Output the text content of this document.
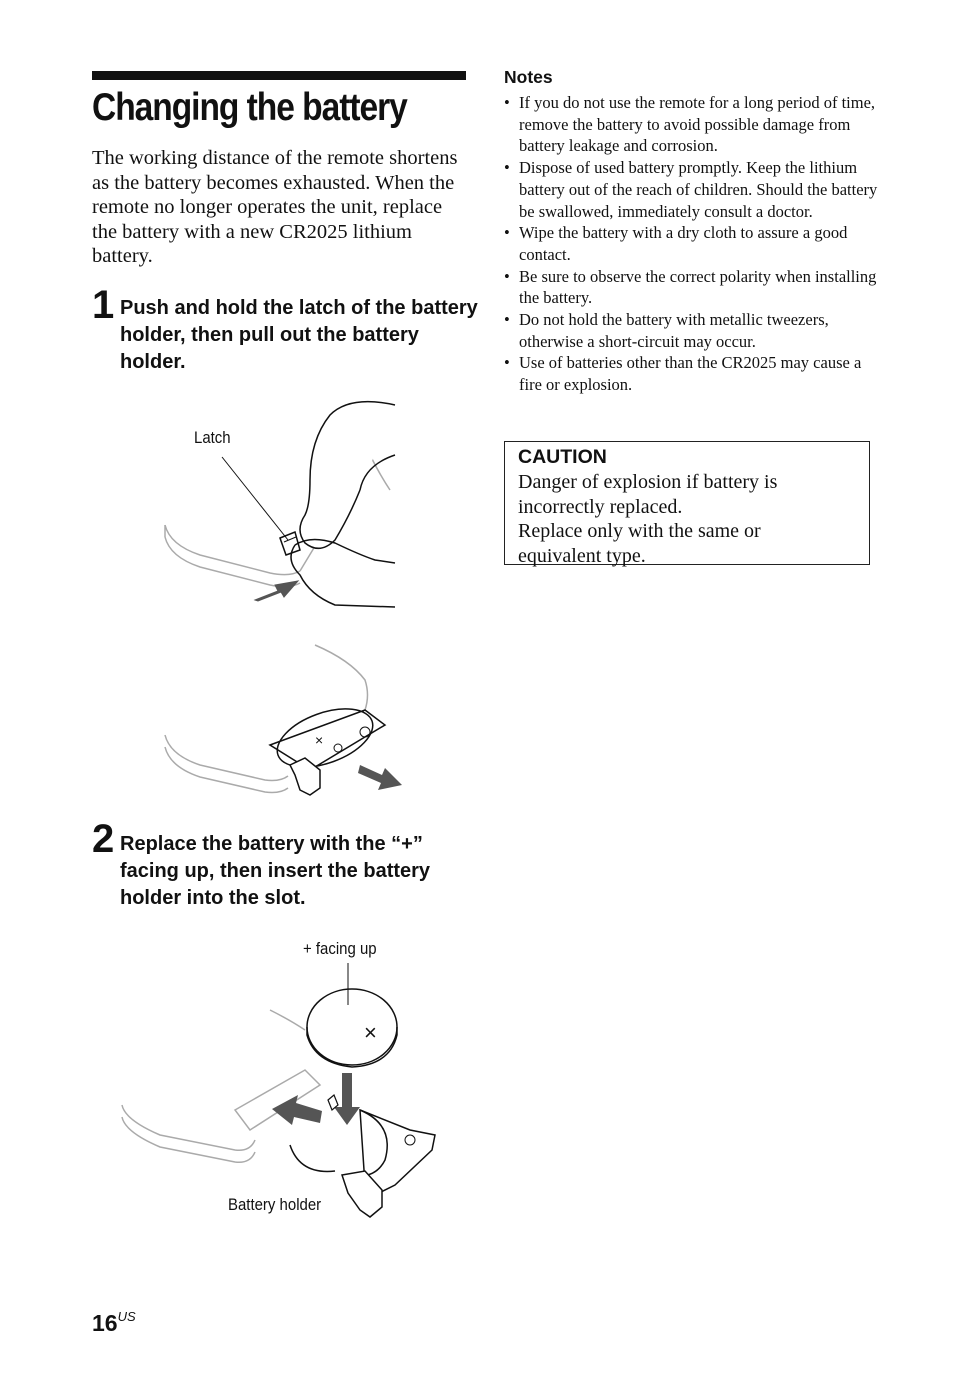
Changing the battery
The working distance of the remote shortens as the battery becomes exhausted. When the remote no longer operates the unit, replace the battery with a new CR2025 lithium battery.
1 Push and hold the latch of the battery holder, then pull out the battery holder.
Latch
×
2 Replace the battery with the “+” facing up, then insert the battery holder into the slot.
×
+ facing up
Battery holder
Notes
• If you do not use the remote for a long period of time, remove the battery to avoid possible damage from battery leakage and corrosion.
• Dispose of used battery promptly. Keep the lithium battery out of the reach of children. Should the battery be swallowed, immediately consult a doctor.
• Wipe the battery with a dry cloth to assure a good contact.
• Be sure to observe the correct polarity when installing the battery.
• Do not hold the battery with metallic tweezers, otherwise a short-circuit may occur.
• Use of batteries other than the CR2025 may cause a fire or explosion.
CAUTION
Danger of explosion if battery is
incorrectly replaced.
Replace only with the same or
equivalent type.
$16^{US}$
